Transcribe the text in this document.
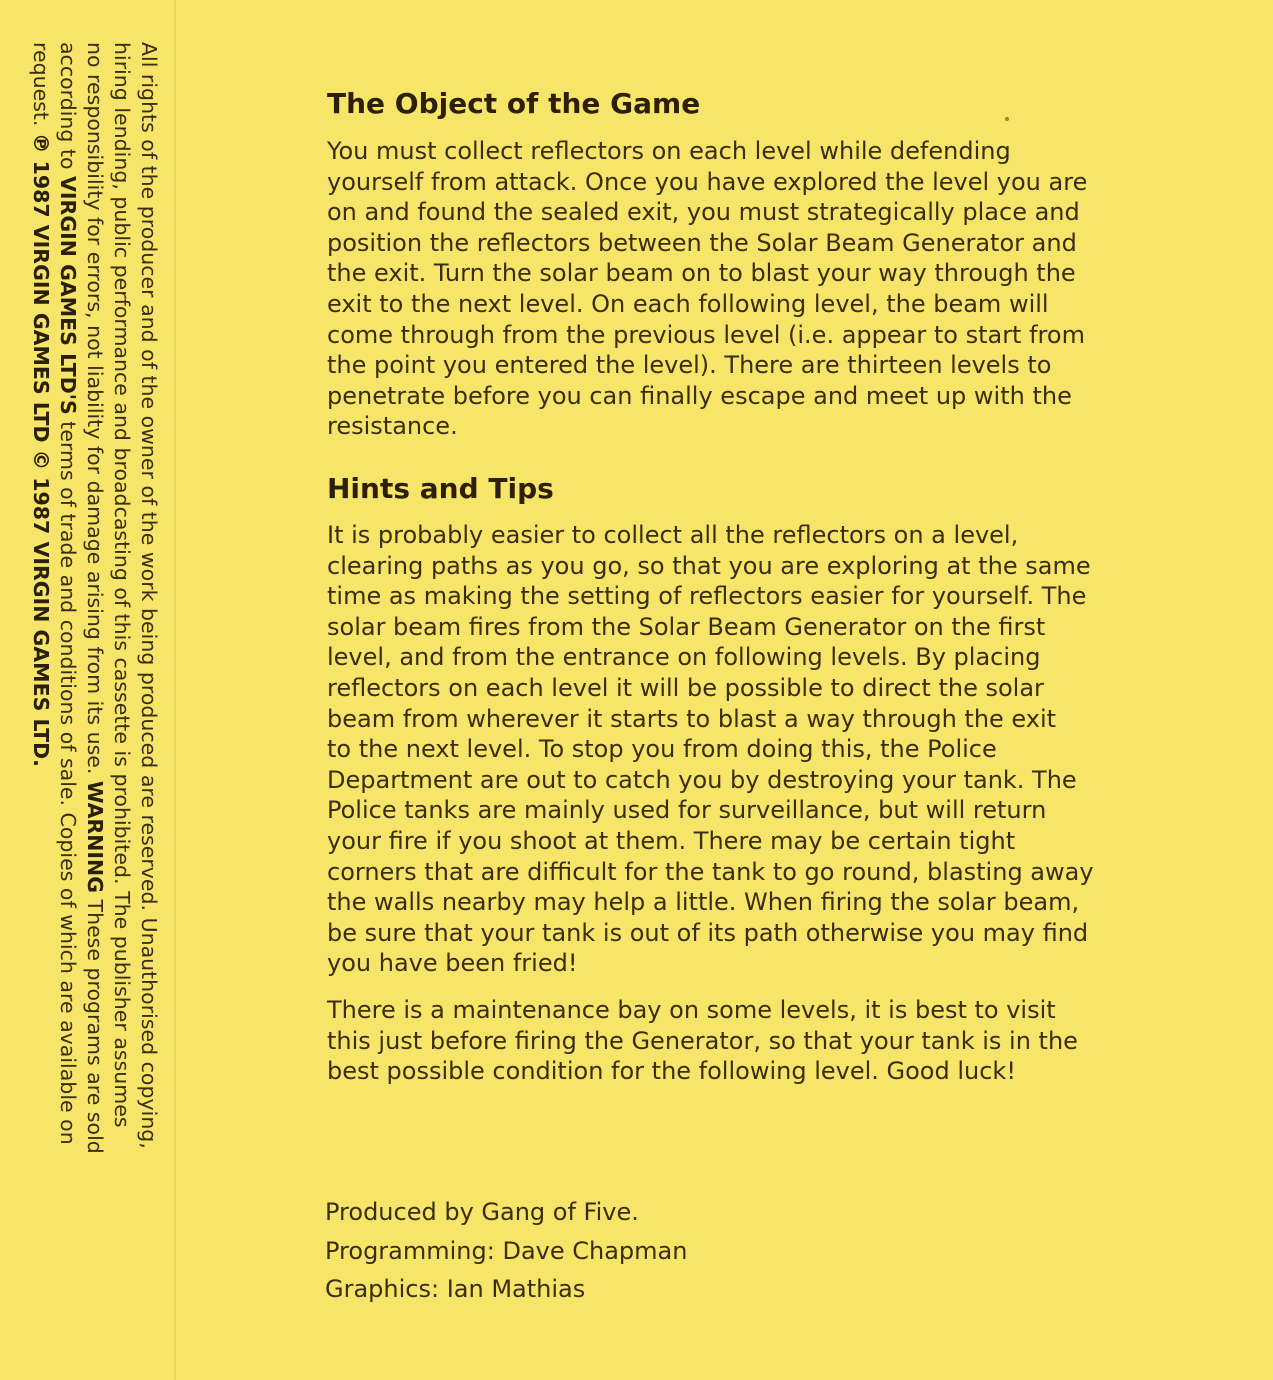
All rights of the producer and of the owner of the work being produced are reserved. Unauthorised copying,

hiring lending, public performance and broadcasting of this cassette is prohibited. The publisher assumes

no responsibility for errors, not liability for damage arising from its use. WARNING These programs are sold

according to VIRGIN GAMES LTD'S terms of trade and conditions of sale. Copies of which are available on

request. ℗ 1987 VIRGIN GAMES LTD © 1987 VIRGIN GAMES LTD.

The Object of the Game
You must collect reflectors on each level while defending
yourself from attack. Once you have explored the level you are
on and found the sealed exit, you must strategically place and
position the reflectors between the Solar Beam Generator and
the exit. Turn the solar beam on to blast your way through the
exit to the next level. On each following level, the beam will
come through from the previous level (i.e. appear to start from
the point you entered the level). There are thirteen levels to
penetrate before you can finally escape and meet up with the
resistance.
Hints and Tips
It is probably easier to collect all the reflectors on a level,
clearing paths as you go, so that you are exploring at the same
time as making the setting of reflectors easier for yourself. The
solar beam fires from the Solar Beam Generator on the first
level, and from the entrance on following levels. By placing
reflectors on each level it will be possible to direct the solar
beam from wherever it starts to blast a way through the exit
to the next level. To stop you from doing this, the Police
Department are out to catch you by destroying your tank. The
Police tanks are mainly used for surveillance, but will return
your fire if you shoot at them. There may be certain tight
corners that are difficult for the tank to go round, blasting away
the walls nearby may help a little. When firing the solar beam,
be sure that your tank is out of its path otherwise you may find
you have been fried!
There is a maintenance bay on some levels, it is best to visit
this just before firing the Generator, so that your tank is in the
best possible condition for the following level. Good luck!
Produced by Gang of Five.
Programming: Dave Chapman
Graphics: Ian Mathias
